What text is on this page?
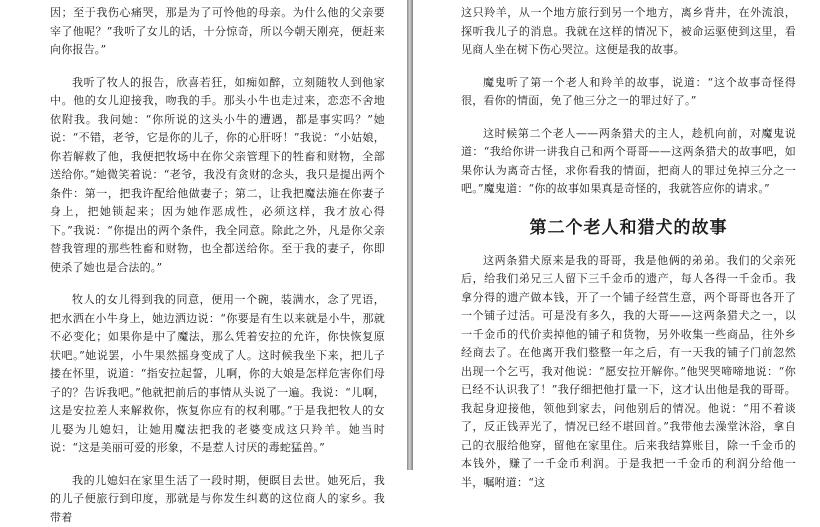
因；至于我伤心痛哭，那是为了可怜他的母亲。为什么他的父亲要宰了他呢？”我听了女儿的话，十分惊奇，所以今朝天刚亮，便赶来向你报告。”

我听了牧人的报告，欣喜若狂，如痴如醉，立刻随牧人到他家中。他的女儿迎接我，吻我的手。那头小牛也走过来，恋恋不舍地依附我。我问她：“你所说的这头小牛的遭遇，都是事实吗？”她说：“不错，老爷，它是你的儿子，你的心肝呀！”我说：“小姑娘，你若解救了他，我便把牧场中在你父亲管理下的牲畜和财物，全部送给你。”她微笑着说：“老爷，我没有贪财的念头，我只是提出两个条件：第一，把我许配给他做妻子；第二，让我把魔法施在你妻子身上，把她锁起来；因为她作恶成性，必须这样，我才放心得下。”我说：“你提出的两个条件，我全同意。除此之外，凡是你父亲替我管理的那些牲畜和财物，也全都送给你。至于我的妻子，你即使杀了她也是合法的。”

牧人的女儿得到我的同意，便用一个碗，装满水，念了咒语，把水洒在小牛身上，她边洒边说：“你要是有生以来就是小牛，那就不必变化；如果你是中了魔法，那么凭着安拉的允许，你快恢复原状吧。”她说罢，小牛果然摇身变成了人。这时候我坐下来，把儿子搂在怀里，说道：“指安拉起誓，儿啊，你的大娘是怎样危害你们母子的？告诉我吧。”他就把前后的事情从头说了一遍。我说：“儿啊，这是安拉差人来解救你，恢复你应有的权利哪。”于是我把牧人的女儿娶为儿媳妇，让她用魔法把我的老婆变成这只羚羊。她当时说：“这是美丽可爱的形象，不是惹人讨厌的毒蛇猛兽。”

我的儿媳妇在家里生活了一段时期，便瞑目去世。她死后，我的儿子便旅行到印度，那就是与你发生纠葛的这位商人的家乡。我带着

这只羚羊，从一个地方旅行到另一个地方，离乡背井，在外流浪，探听我儿子的消息。我就在这样的情况下，被命运驱使到这里，看见商人坐在树下伤心哭泣。这便是我的故事。

魔鬼听了第一个老人和羚羊的故事，说道：“这个故事奇怪得很，看你的情面，免了他三分之一的罪过好了。”

这时候第二个老人——两条猎犬的主人，趁机向前，对魔鬼说道：“我给你讲一讲我自己和两个哥哥——这两条猎犬的故事吧，如果你认为离奇古怪，求你看我的情面，把商人的罪过免掉三分之一吧。”魔鬼道：“你的故事如果真是奇怪的，我就答应你的请求。”

第二个老人和猎犬的故事

这两条猎犬原来是我的哥哥，我是他俩的弟弟。我们的父亲死后，给我们弟兄三人留下三千金币的遗产，每人各得一千金币。我拿分得的遗产做本钱，开了一个铺子经营生意，两个哥哥也各开了一个铺子过活。可是没有多久，我的大哥——这两条猎犬之一，以一千金币的代价卖掉他的铺子和货物，另外收集一些商品，往外乡经商去了。在他离开我们整整一年之后，有一天我的铺子门前忽然出现一个乞丐，我对他说：“愿安拉开解你。”他哭哭啼啼地说：“你已经不认识我了！”我仔细把他打量一下，这才认出他是我的哥哥。我起身迎接他，领他到家去，问他别后的情况。他说：“用不着谈了，反正钱弄光了，情况已经不堪回首。”我带他去澡堂沐浴，拿自己的衣服给他穿，留他在家里住。后来我结算账目，除一千金币的本钱外，赚了一千金币利润。于是我把一千金币的利润分给他一半，嘱咐道：“这
